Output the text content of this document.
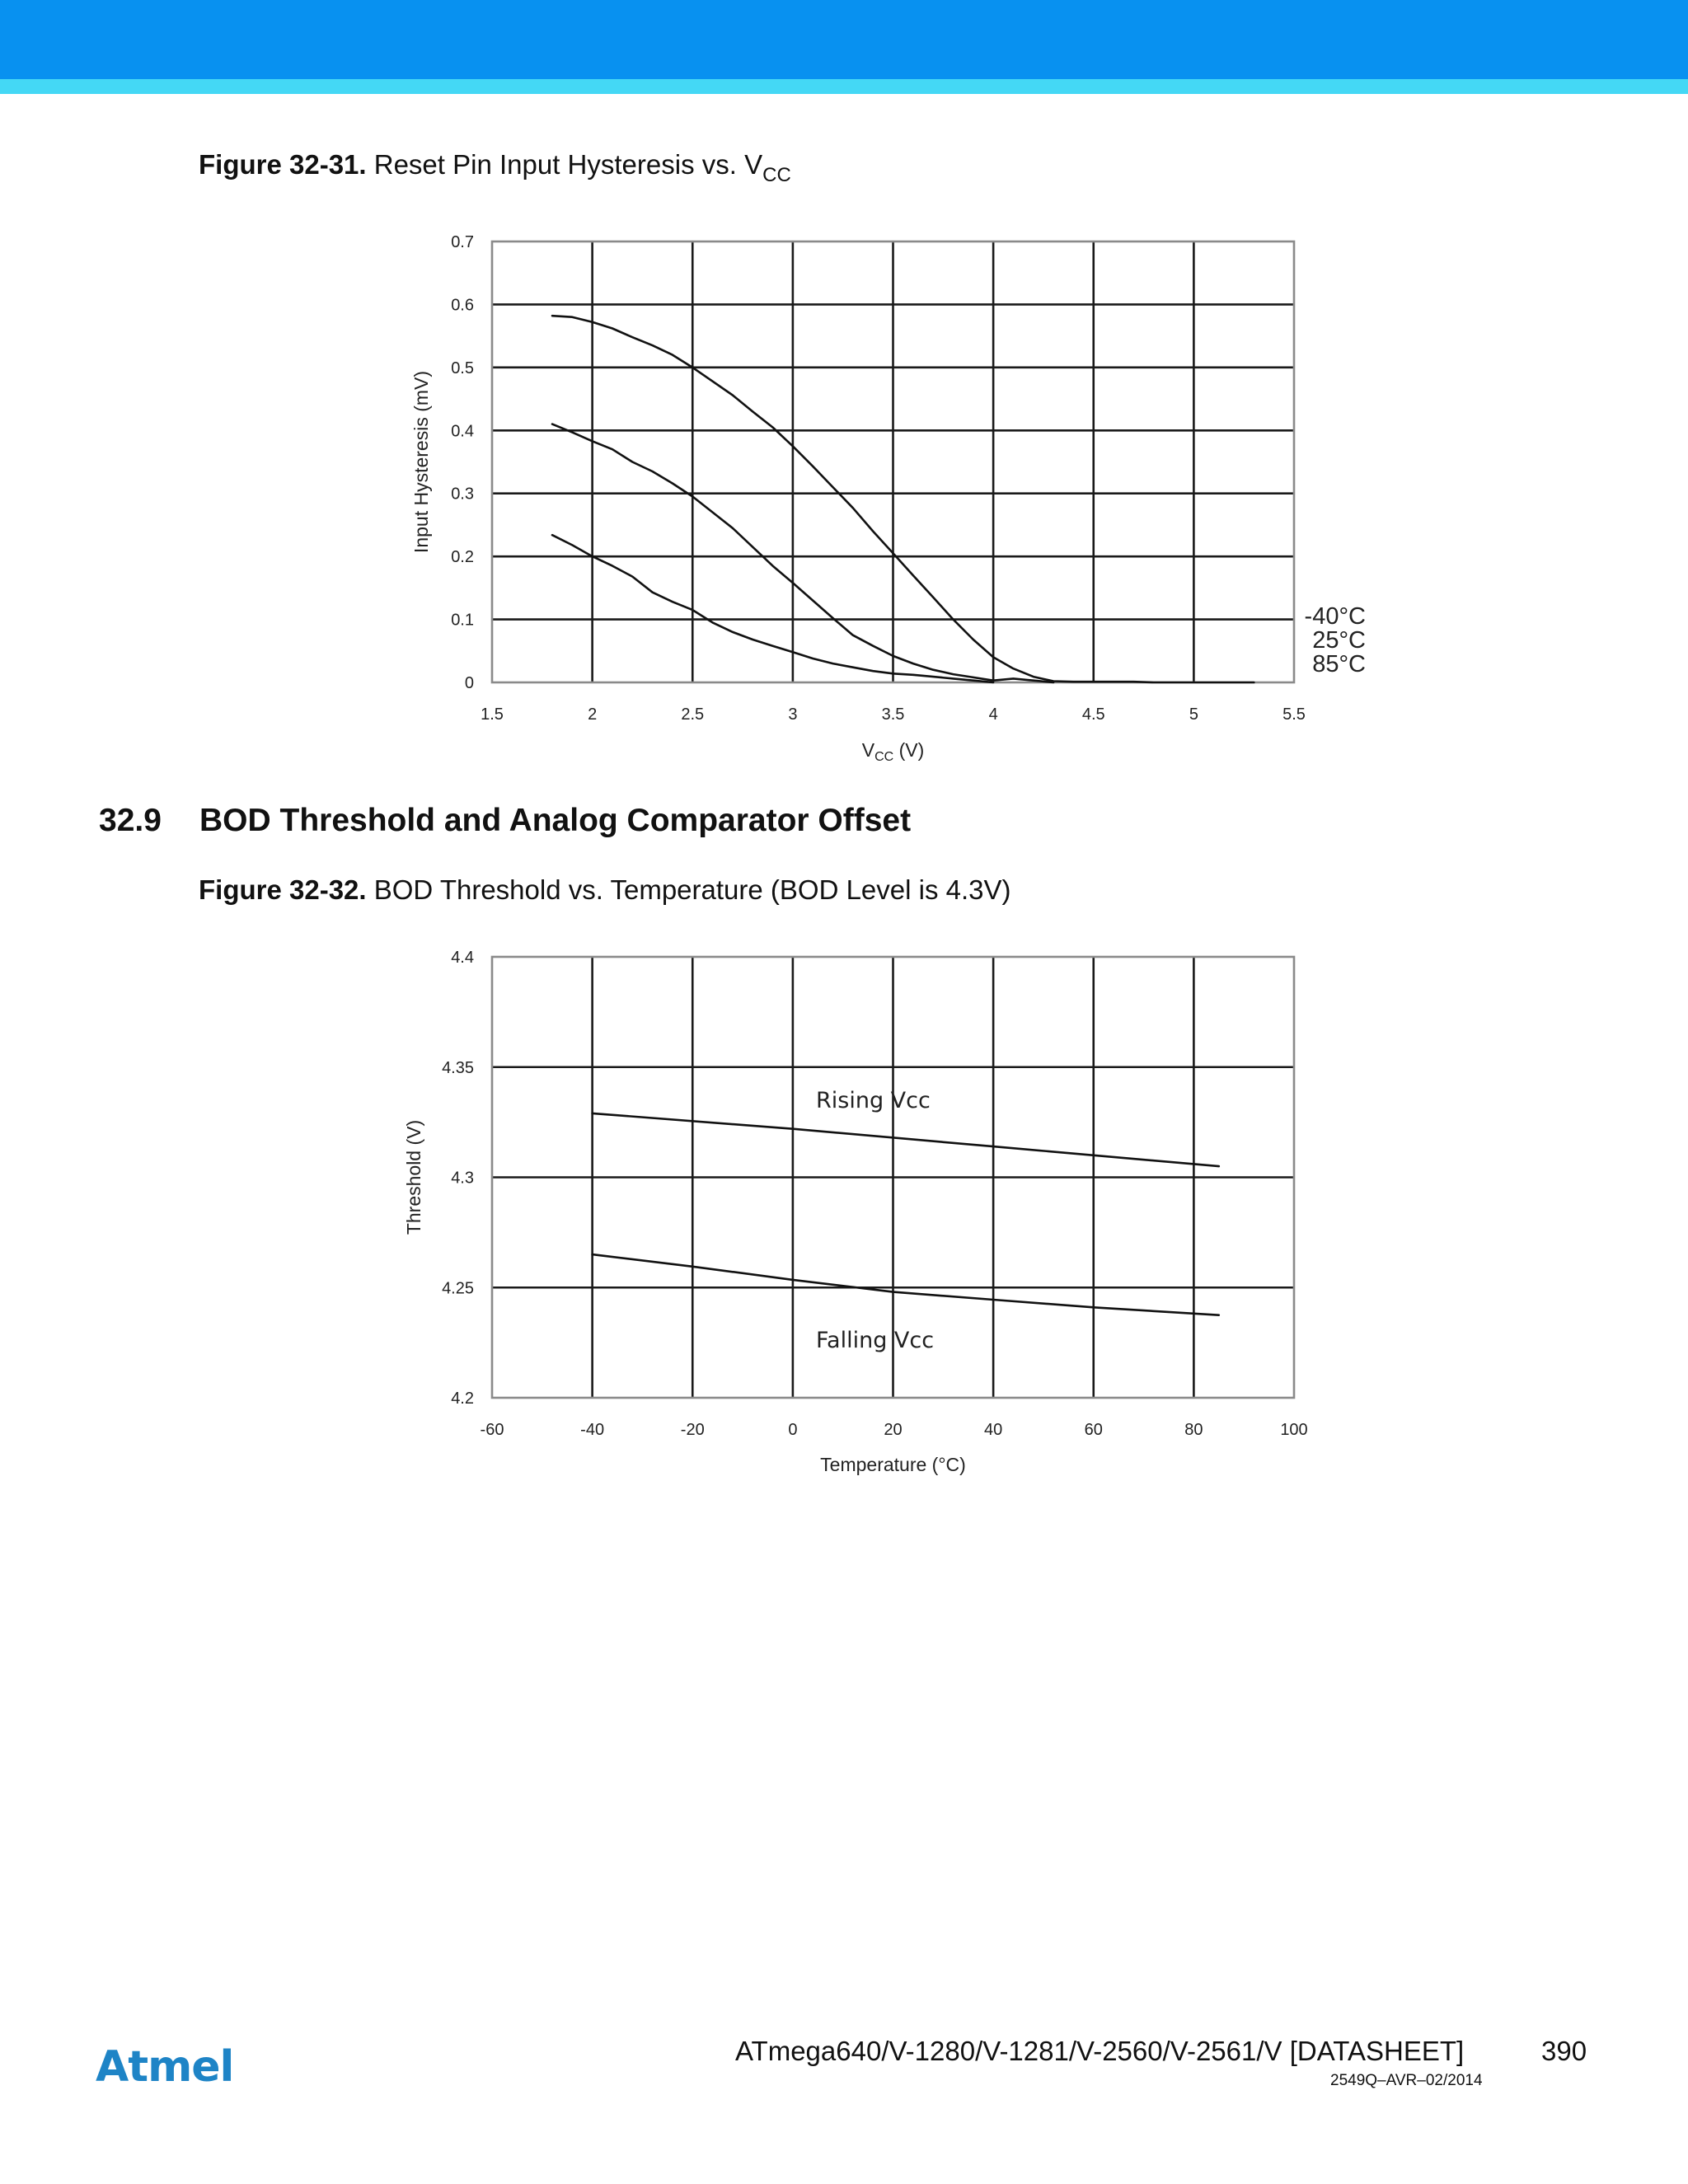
Figure 32-31. Reset Pin Input Hysteresis vs. $V_{CC}$
1.5	2	2.5	3	3.5	4	4.5	5	5.5
0
0.1
0.2
0.3
0.4
0.5
0.6
0.7
$V_{CC}$ (V)
Input Hysteresis (mV)
-40°C
25°C
85°C
32.9 BOD Threshold and Analog Comparator Offset
Figure 32-32. BOD Threshold vs. Temperature (BOD Level is 4.3V)
-60	-40	-20	0	20	40	60	80	100
4.2
4.25
4.3
4.35
4.4
Temperature (°C)
Threshold (V)
Rising Vcc
Falling Vcc
Atmel	ATmega640/V-1280/V-1281/V-2560/V-2561/V [DATASHEET]	390
2549Q–AVR–02/2014
